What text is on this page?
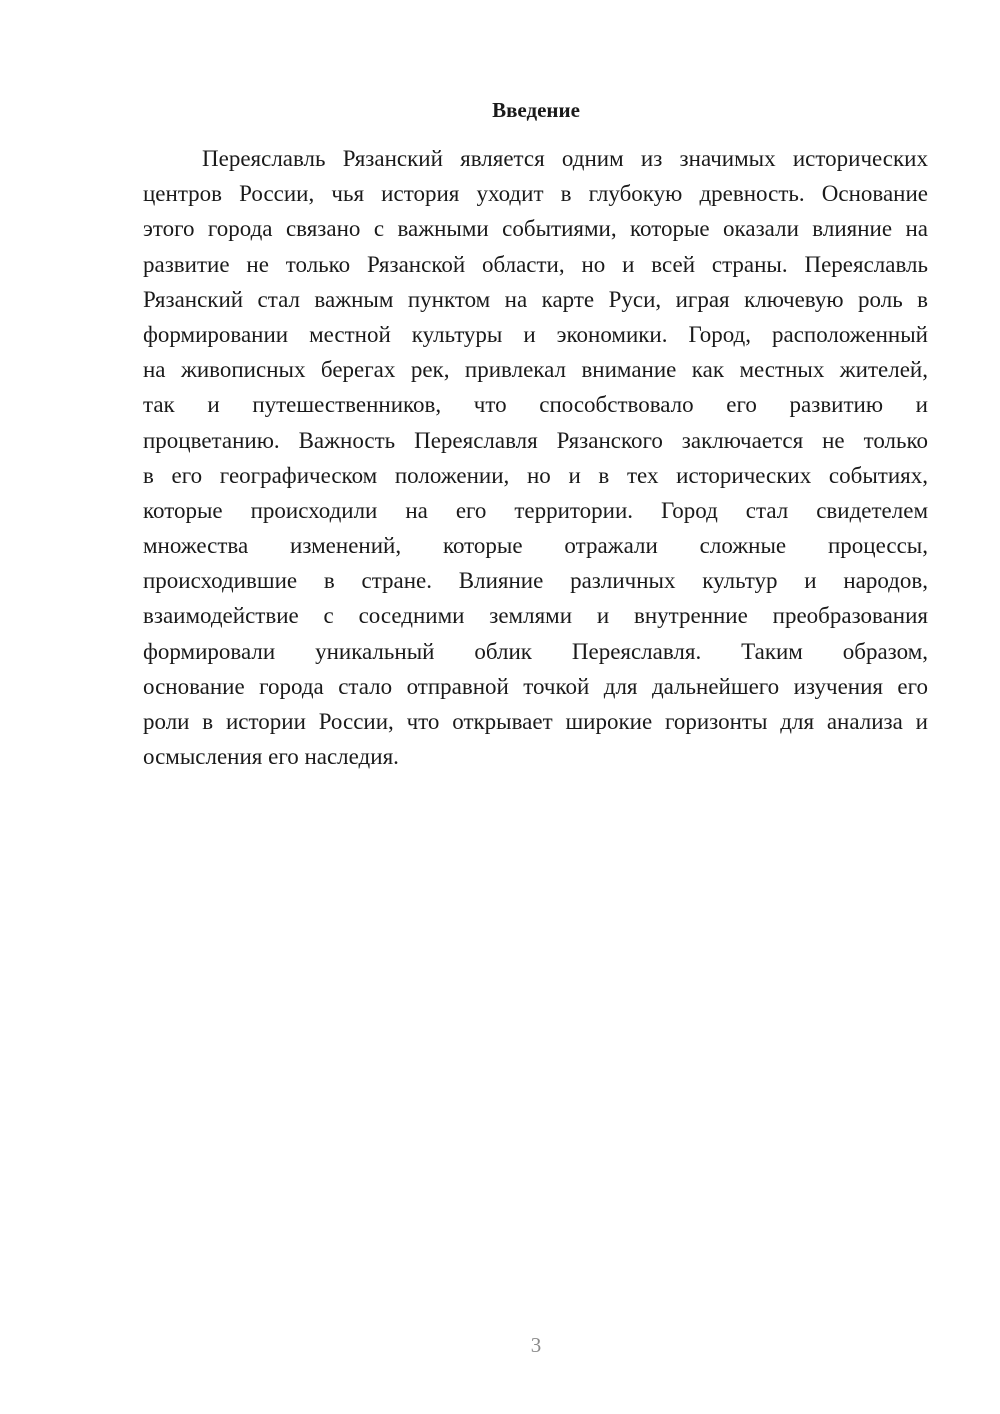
Введение
Переяславль Рязанский является одним из значимых исторических
центров России, чья история уходит в глубокую древность. Основание
этого города связано с важными событиями, которые оказали влияние на
развитие не только Рязанской области, но и всей страны. Переяславль
Рязанский стал важным пунктом на карте Руси, играя ключевую роль в
формировании местной культуры и экономики. Город, расположенный
на живописных берегах рек, привлекал внимание как местных жителей,
так и путешественников, что способствовало его развитию и
процветанию. Важность Переяславля Рязанского заключается не только
в его географическом положении, но и в тех исторических событиях,
которые происходили на его территории. Город стал свидетелем
множества изменений, которые отражали сложные процессы,
происходившие в стране. Влияние различных культур и народов,
взаимодействие с соседними землями и внутренние преобразования
формировали уникальный облик Переяславля. Таким образом,
основание города стало отправной точкой для дальнейшего изучения его
роли в истории России, что открывает широкие горизонты для анализа и
осмысления его наследия.
3
